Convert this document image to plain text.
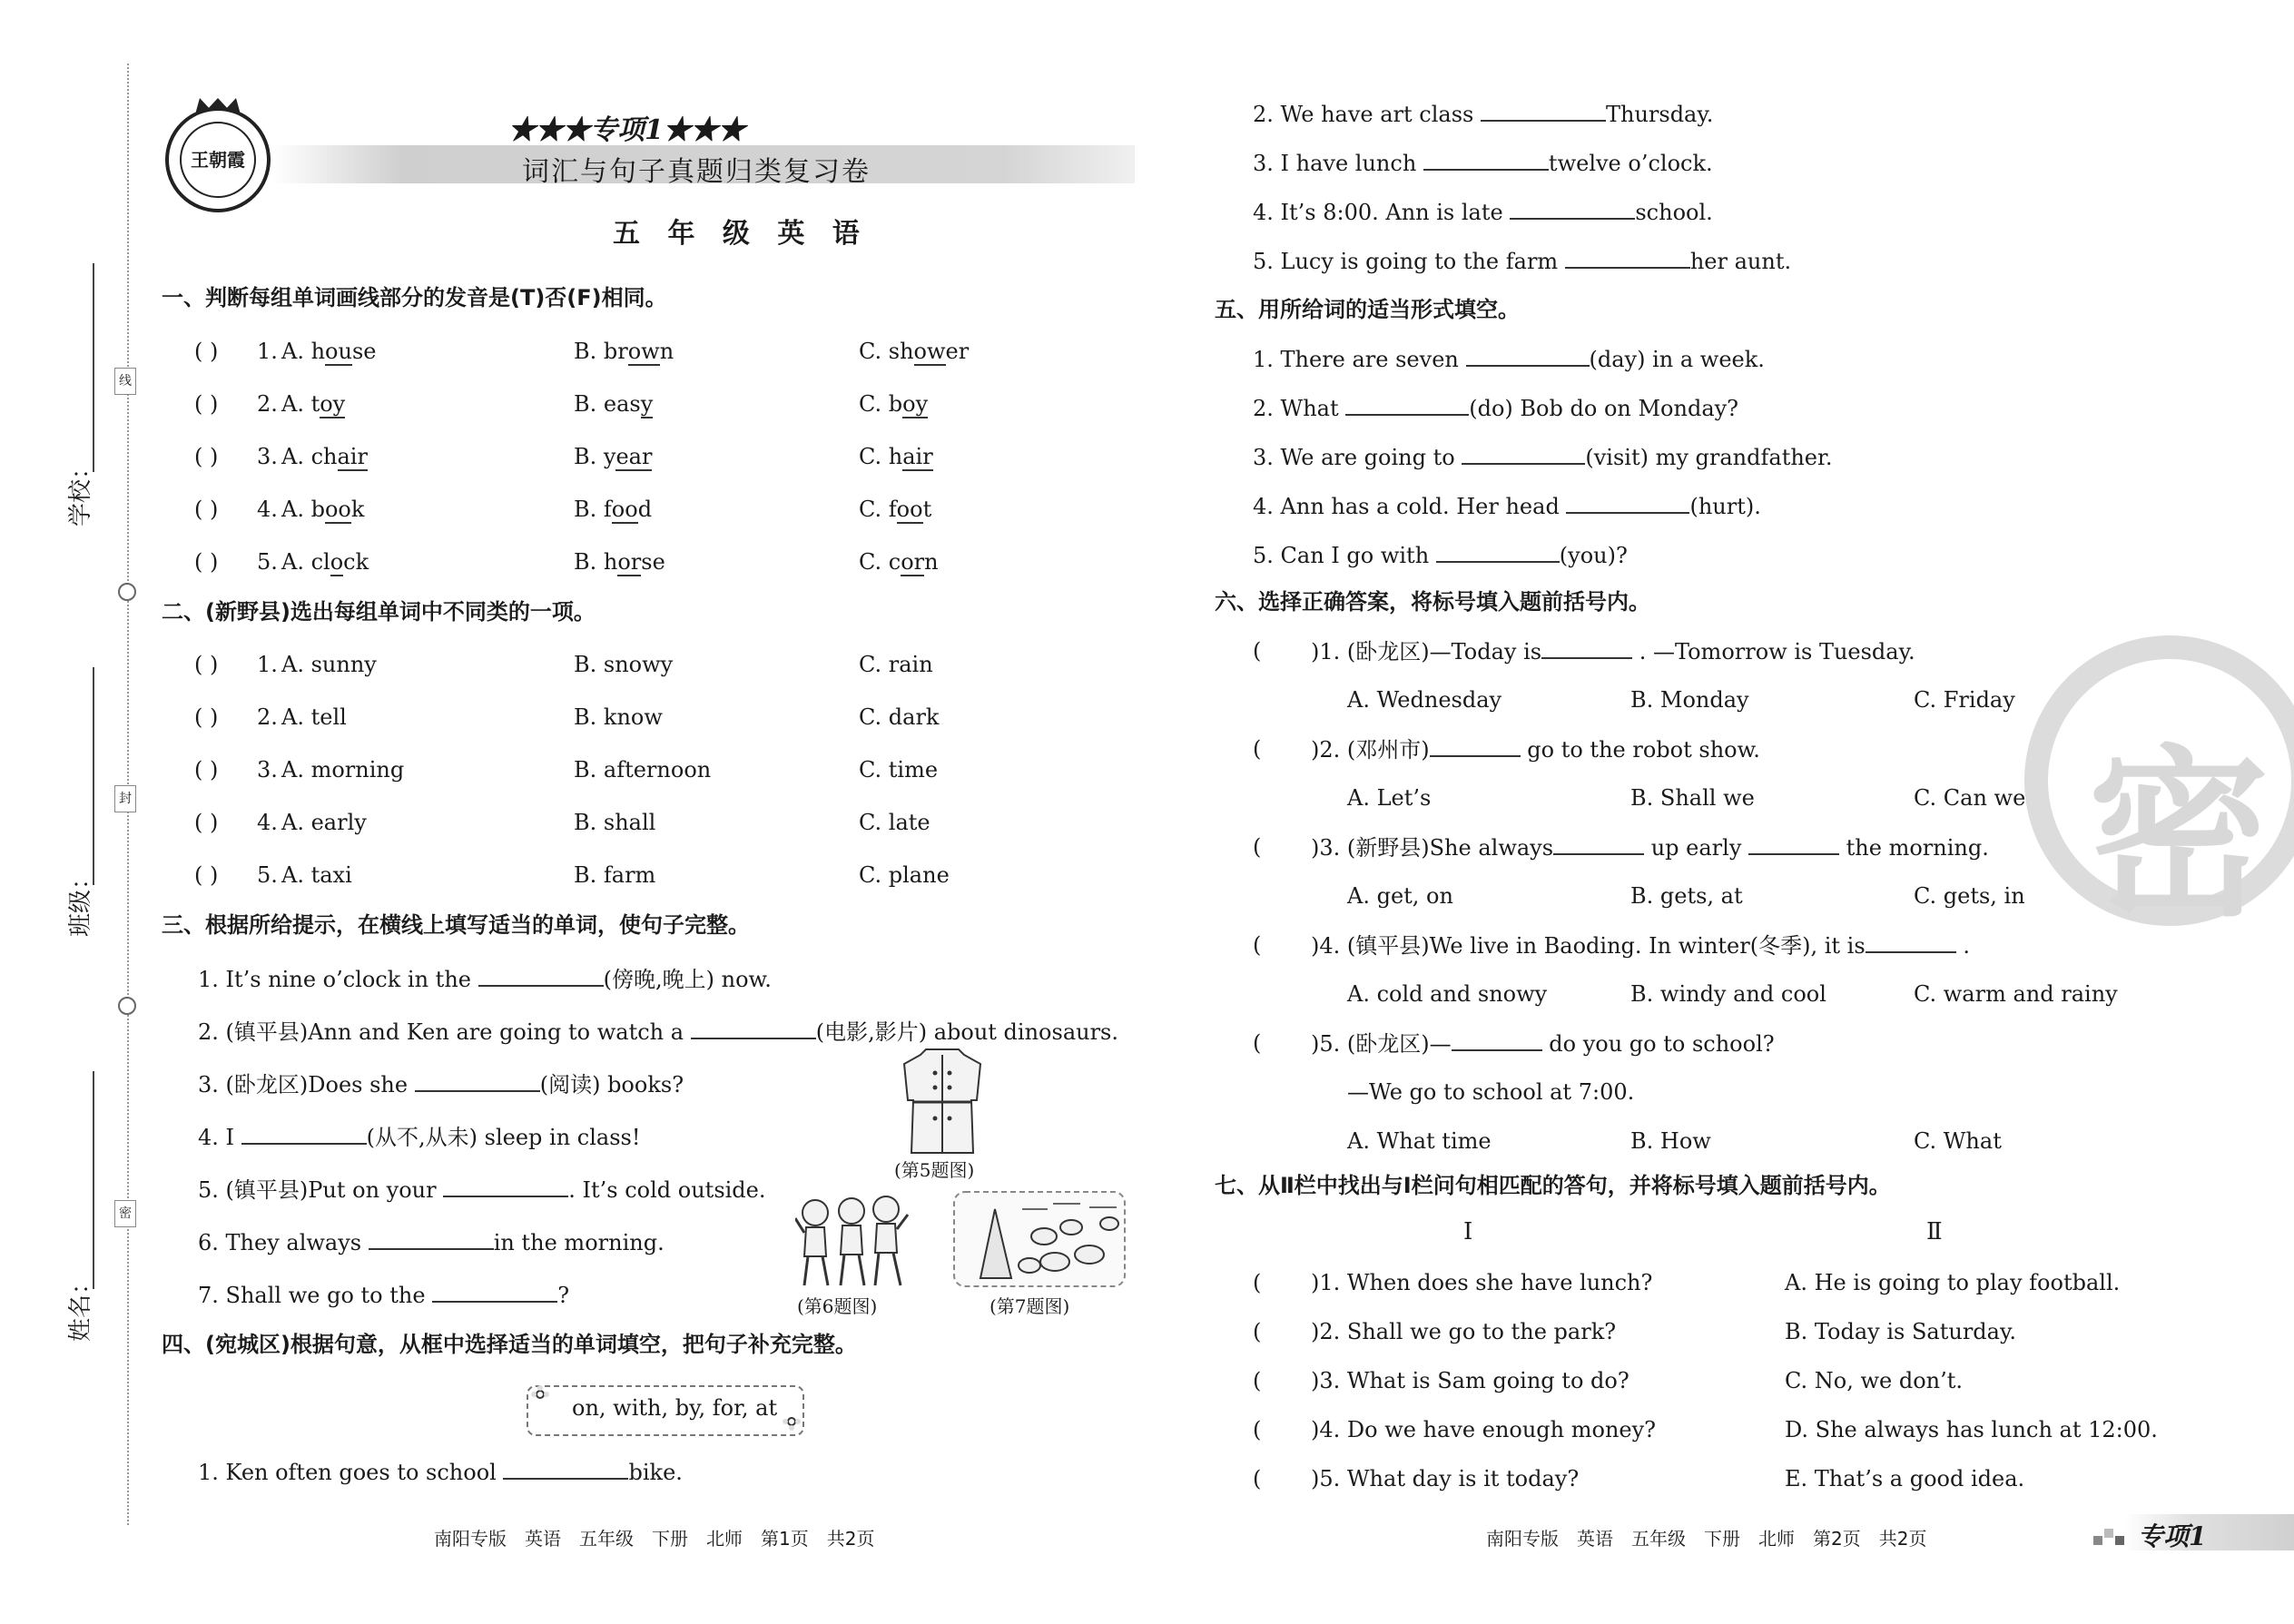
学校：
班级：
姓名：
线
封
密
王朝霞
★★★专项1★★★
词汇与句子真题归类复习卷
五 年 级 英 语
一、判断每组单词画线部分的发音是(T)否(F)相同。
( ) 1. A. house	B. brown	C. shower
( ) 2. A. toy	B. easy	C. boy
( ) 3. A. chair	B. year	C. hair
( ) 4. A. book	B. food	C. foot
( ) 5. A. clock	B. horse	C. corn
二、(新野县)选出每组单词中不同类的一项。
( ) 1. A. sunny	B. snowy	C. rain
( ) 2. A. tell	B. know	C. dark
( ) 3. A. morning	B. afternoon	C. time
( ) 4. A. early	B. shall	C. late
( ) 5. A. taxi	B. farm	C. plane
三、根据所给提示，在横线上填写适当的单词，使句子完整。
1. It’s nine o’clock in the	(傍晚,晚上) now.
2. (镇平县)Ann and Ken are going to watch a	(电影,影片) about dinosaurs.
3. (卧龙区)Does she	(阅读) books?
4. I	(从不,从未) sleep in class!
5. (镇平县)Put on your	. It’s cold outside.
6. They always	in the morning.
7. Shall we go to the	?
(第5题图)
(第6题图)	(第7题图)
四、(宛城区)根据句意，从框中选择适当的单词填空，把句子补充完整。
on, with, by, for, at
1. Ken often goes to school	bike.
2. We have art class	Thursday.
3. I have lunch	twelve o’clock.
4. It’s 8:00. Ann is late	school.
5. Lucy is going to the farm	her aunt.
密
五、用所给词的适当形式填空。
1. There are seven	(day) in a week.
2. What	(do) Bob do on Monday?
3. We are going to	(visit) my grandfather.
4. Ann has a cold. Her head	(hurt).
5. Can I go with	(you)?
六、选择正确答案，将标号填入题前括号内。
( )1. (卧龙区)—Today is	. —Tomorrow is Tuesday.
A. Wednesday	B. Monday	C. Friday
( )2. (邓州市)	go to the robot show.
A. Let’s	B. Shall we	C. Can we
( )3. (新野县)She always	up early	the morning.
A. get, on	B. gets, at	C. gets, in
( )4. (镇平县)We live in Baoding. In winter(冬季), it is	.
A. cold and snowy	B. windy and cool	C. warm and rainy
( )5. (卧龙区)—	do you go to school?
—We go to school at 7:00.
A. What time	B. How	C. What
七、从Ⅱ栏中找出与Ⅰ栏问句相匹配的答句，并将标号填入题前括号内。
Ⅰ	Ⅱ
( )1. When does she have lunch?	A. He is going to play football.
( )2. Shall we go to the park?	B. Today is Saturday.
( )3. What is Sam going to do?	C. No, we don’t.
( )4. Do we have enough money?	D. She always has lunch at 12:00.
( )5. What day is it today?	E. That’s a good idea.
南阳专版　英语　五年级　下册　北师　第1页　共2页	南阳专版　英语　五年级　下册　北师　第2页　共2页	专项1
